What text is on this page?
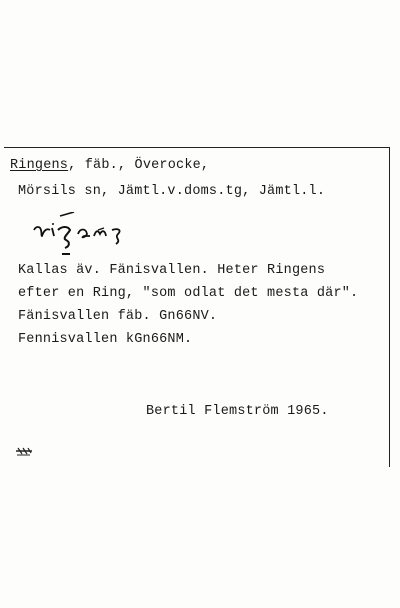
Ringens, fäb., Överocke,
Mörsils sn, Jämtl.v.doms.tg, Jämtl.l.
Kallas äv. Fänisvallen. Heter Ringens
efter en Ring, "som odlat det mesta där".
Fänisvallen fäb. Gn66NV.
Fennisvallen kGn66NM.
Bertil Flemström 1965.
